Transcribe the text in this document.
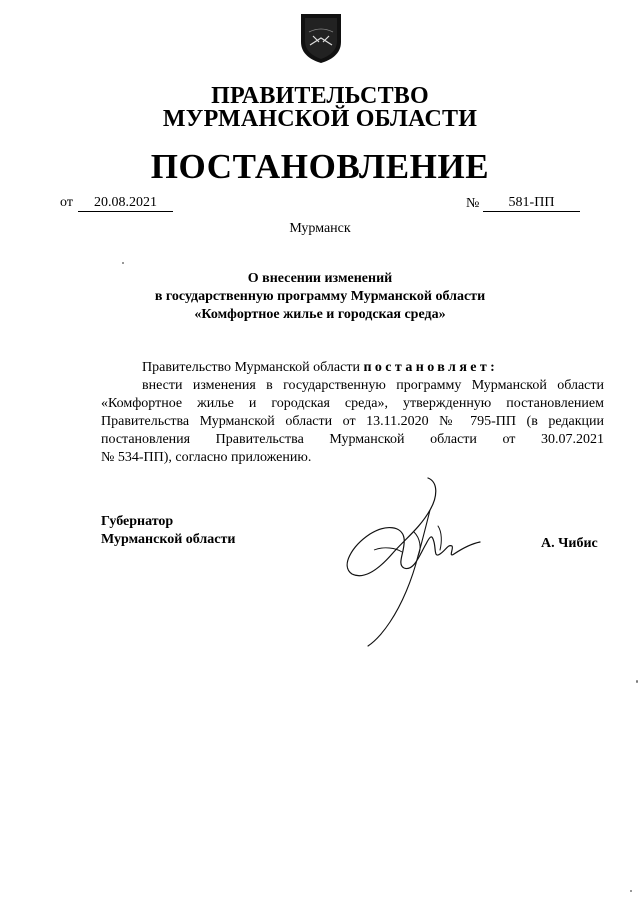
ПРАВИТЕЛЬСТВО
МУРМАНСКОЙ ОБЛАСТИ
ПОСТАНОВЛЕНИЕ
от	20.08.2021	№	581-ПП
Мурманск
О внесении изменений
в государственную программу Мурманской области
«Комфортное жилье и городская среда»
Правительство Мурманской области постановляет:
внести изменения в государственную программу Мурманской области
«Комфортное жилье и городская среда», утвержденную постановлением
Правительства Мурманской области от 13.11.2020 № 795-ПП (в редакции
постановления Правительства Мурманской области от 30.07.2021
№ 534-ПП), согласно приложению.
Губернатор
Мурманской области	А. Чибис
